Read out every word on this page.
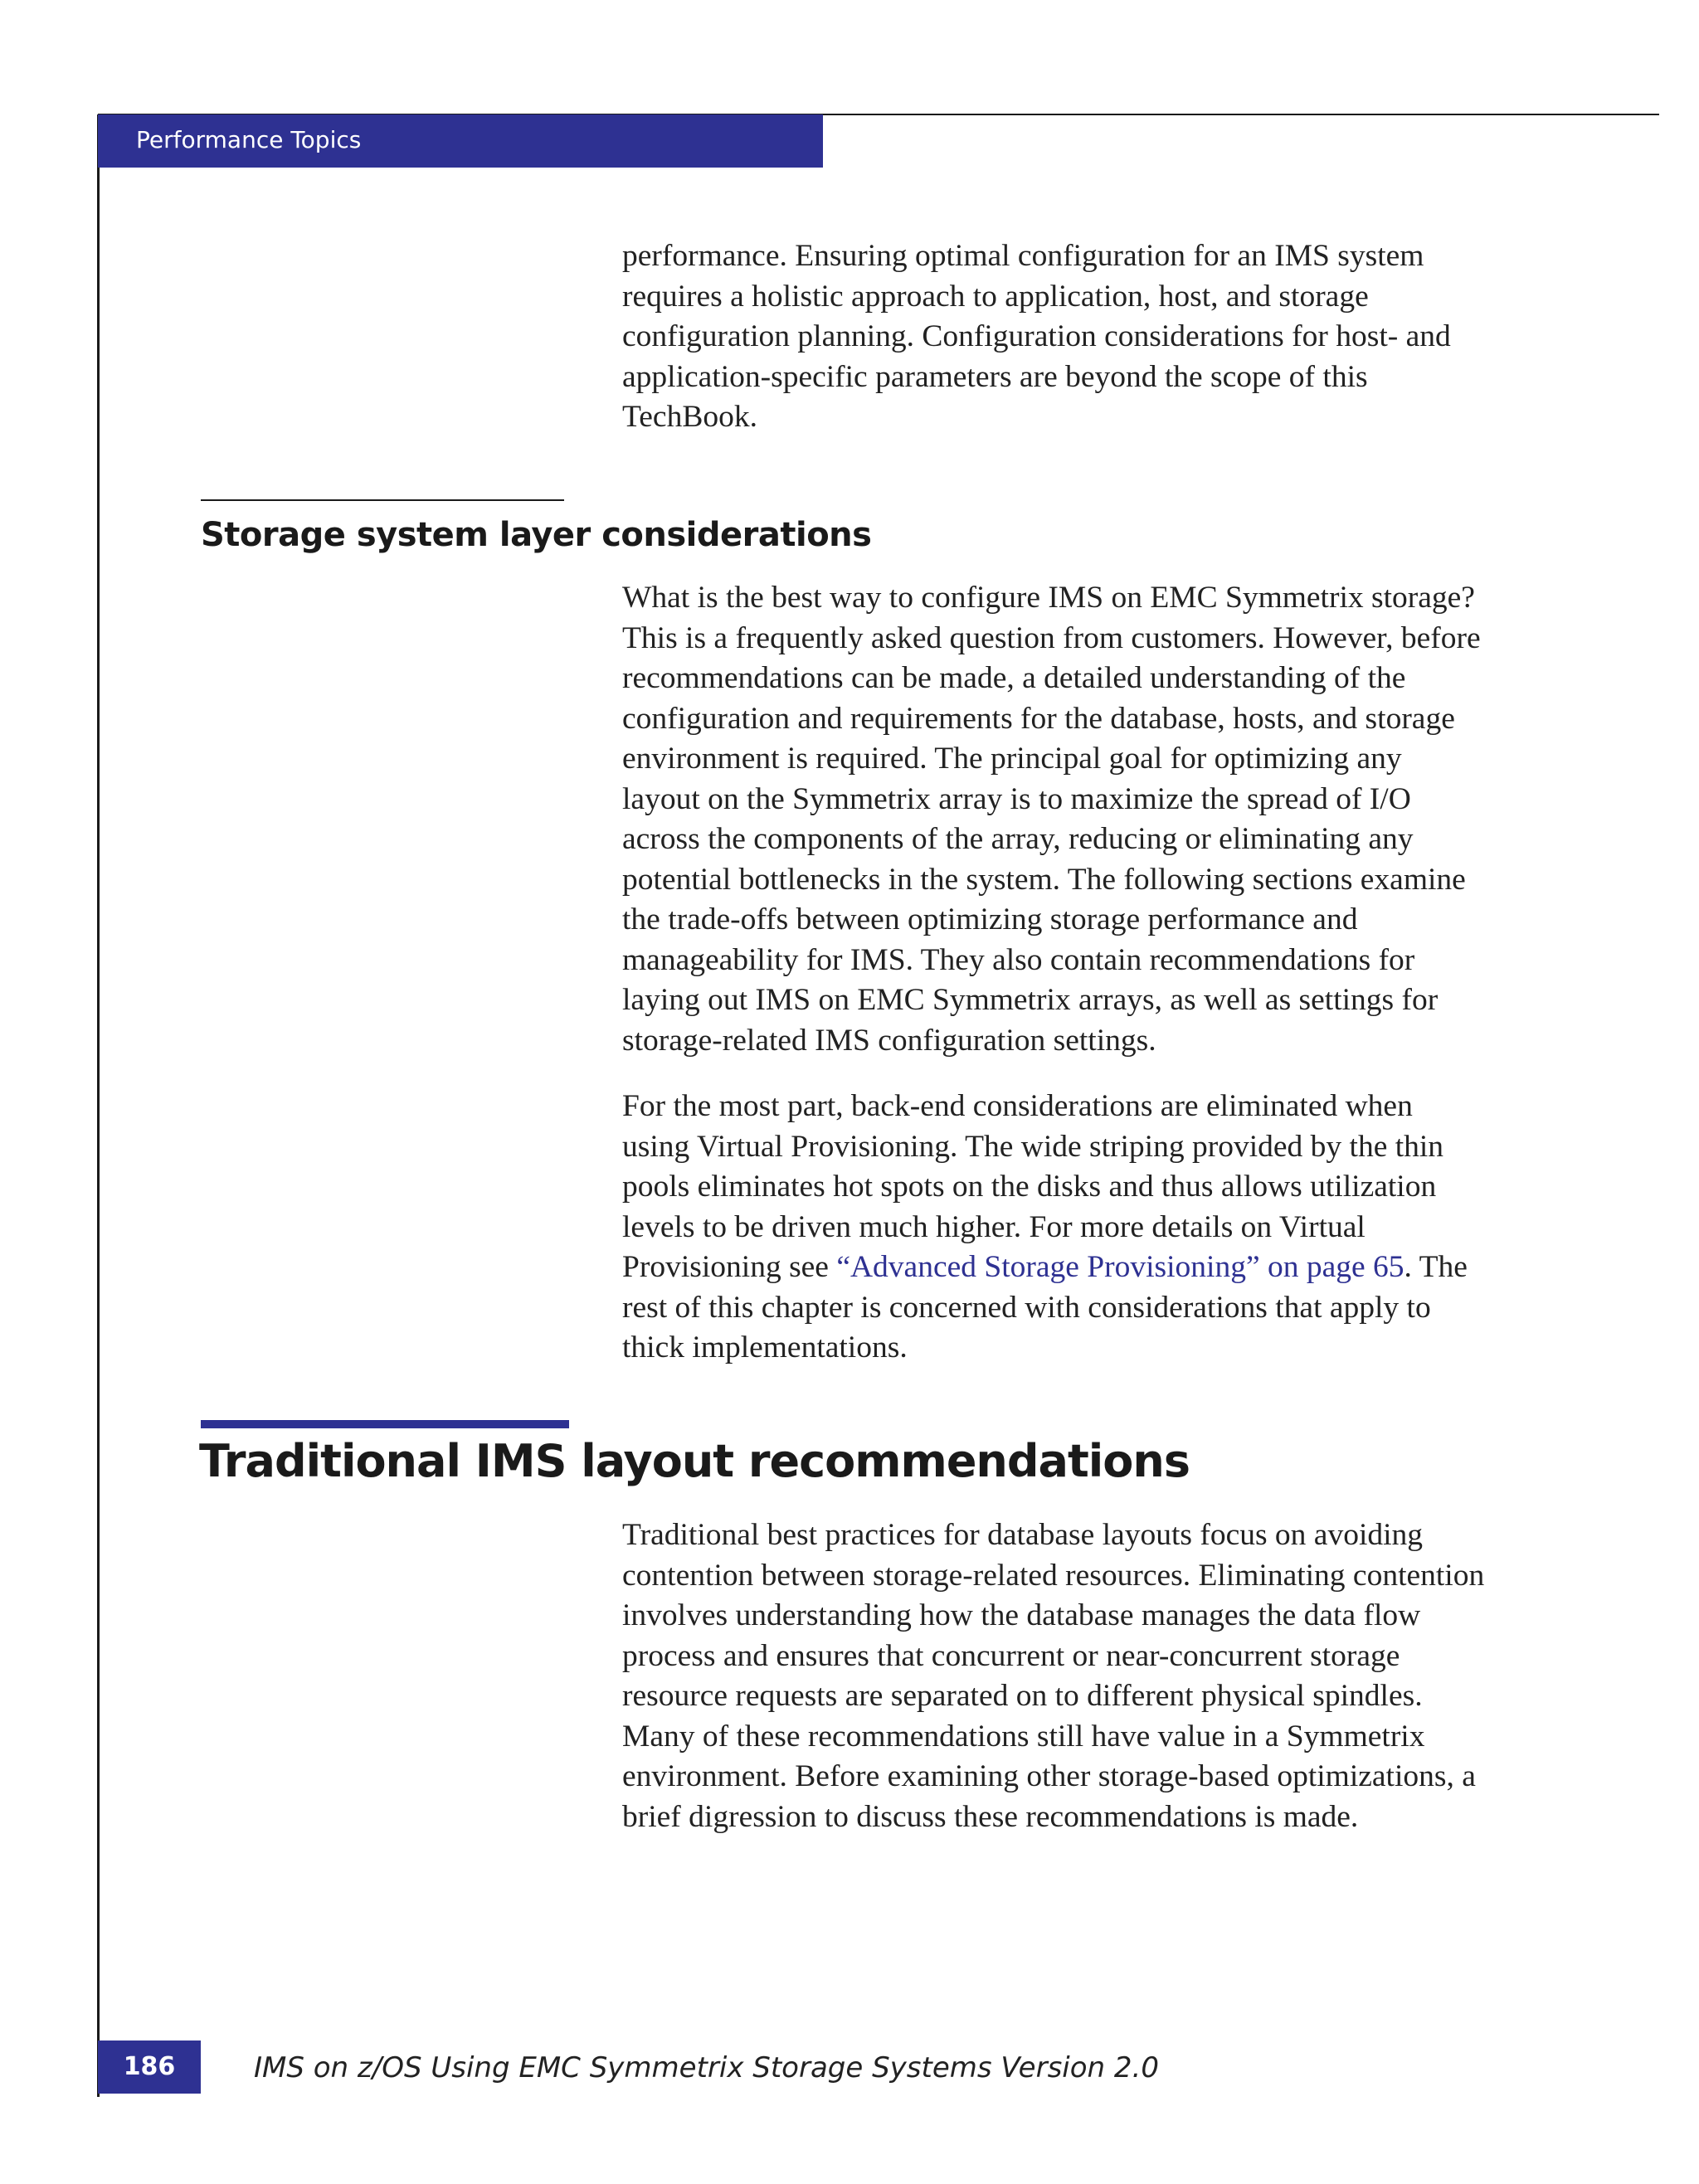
Performance Topics
performance. Ensuring optimal configuration for an IMS system
requires a holistic approach to application, host, and storage
configuration planning. Configuration considerations for host- and
application-specific parameters are beyond the scope of this
TechBook.
Storage system layer considerations
What is the best way to configure IMS on EMC Symmetrix storage?
This is a frequently asked question from customers. However, before
recommendations can be made, a detailed understanding of the
configuration and requirements for the database, hosts, and storage
environment is required. The principal goal for optimizing any
layout on the Symmetrix array is to maximize the spread of I/O
across the components of the array, reducing or eliminating any
potential bottlenecks in the system. The following sections examine
the trade-offs between optimizing storage performance and
manageability for IMS. They also contain recommendations for
laying out IMS on EMC Symmetrix arrays, as well as settings for
storage-related IMS configuration settings.
For the most part, back-end considerations are eliminated when
using Virtual Provisioning. The wide striping provided by the thin
pools eliminates hot spots on the disks and thus allows utilization
levels to be driven much higher. For more details on Virtual
Provisioning see “Advanced Storage Provisioning” on page 65. The
rest of this chapter is concerned with considerations that apply to
thick implementations.
Traditional IMS layout recommendations
Traditional best practices for database layouts focus on avoiding
contention between storage-related resources. Eliminating contention
involves understanding how the database manages the data flow
process and ensures that concurrent or near-concurrent storage
resource requests are separated on to different physical spindles.
Many of these recommendations still have value in a Symmetrix
environment. Before examining other storage-based optimizations, a
brief digression to discuss these recommendations is made.
186	IMS on z/OS Using EMC Symmetrix Storage Systems Version 2.0
